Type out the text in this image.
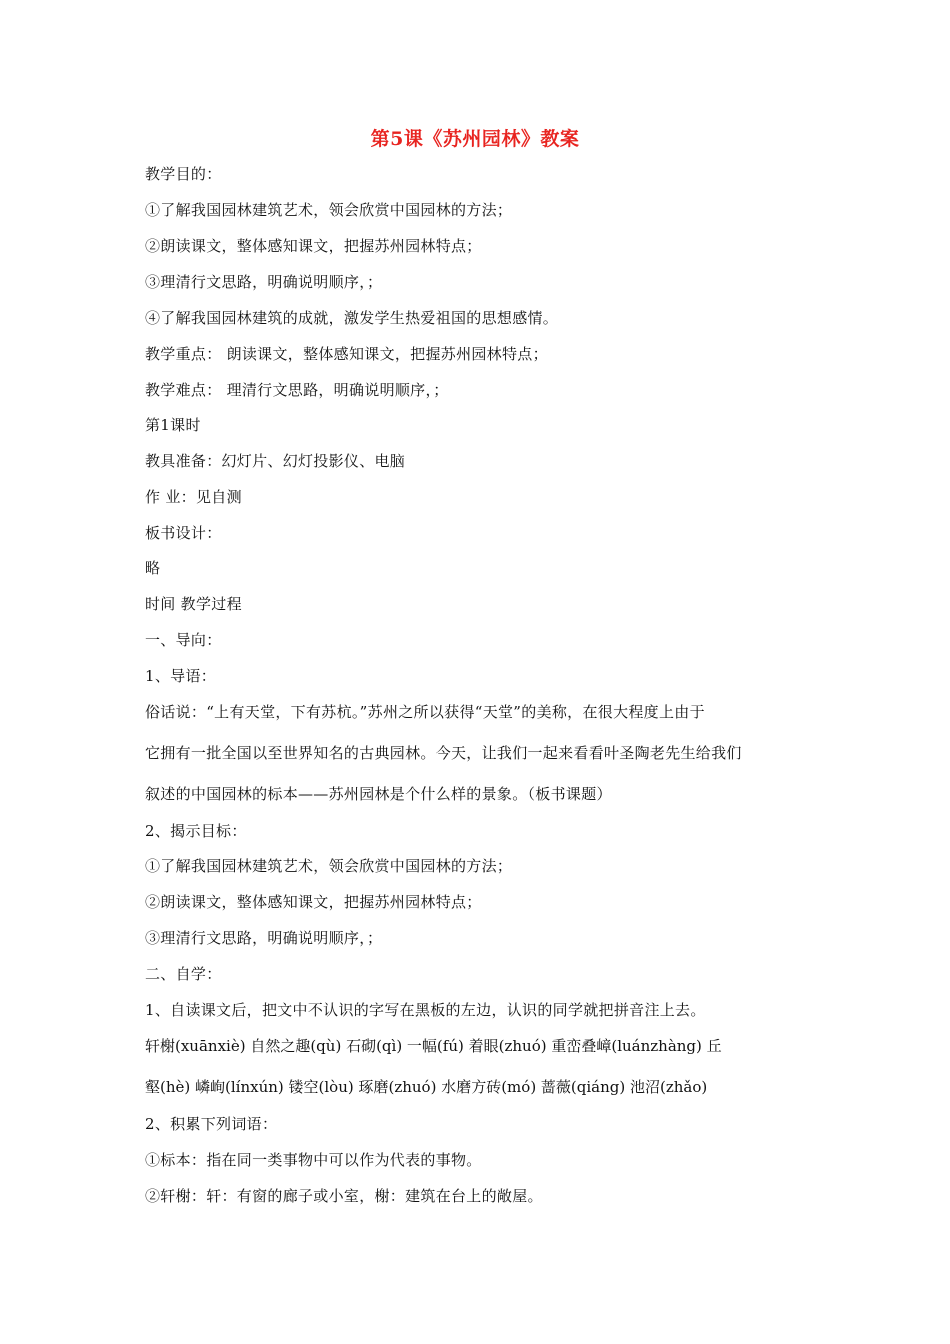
第5课《苏州园林》教案
教学目的：
①了解我国园林建筑艺术，领会欣赏中国园林的方法；
②朗读课文，整体感知课文，把握苏州园林特点；
③理清行文思路，明确说明顺序，；
④了解我国园林建筑的成就，激发学生热爱祖国的思想感情。
教学重点： 朗读课文，整体感知课文，把握苏州园林特点；
教学难点： 理清行文思路，明确说明顺序，；
第1课时
教具准备：幻灯片、幻灯投影仪、电脑
作 业：见自测
板书设计：
略
时间 教学过程
一、导向：
1、导语：
俗话说：“上有天堂，下有苏杭。”苏州之所以获得“天堂”的美称，在很大程度上由于
它拥有一批全国以至世界知名的古典园林。今天，让我们一起来看看叶圣陶老先生给我们
叙述的中国园林的标本——苏州园林是个什么样的景象。（板书课题）
2、揭示目标：
①了解我国园林建筑艺术，领会欣赏中国园林的方法；
②朗读课文，整体感知课文，把握苏州园林特点；
③理清行文思路，明确说明顺序，；
二、自学：
1、自读课文后，把文中不认识的字写在黑板的左边，认识的同学就把拼音注上去。
轩榭(xuānxiè) 自然之趣(qù) 石砌(qì) 一幅(fú) 着眼(zhuó) 重峦叠嶂(luánzhàng) 丘
壑(hè) 嶙峋(línxún) 镂空(lòu) 琢磨(zhuó) 水磨方砖(mó) 蔷薇(qiáng) 池沼(zhǎo)
2、积累下列词语：
①标本：指在同一类事物中可以作为代表的事物。
②轩榭：轩：有窗的廊子或小室，榭：建筑在台上的敞屋。
